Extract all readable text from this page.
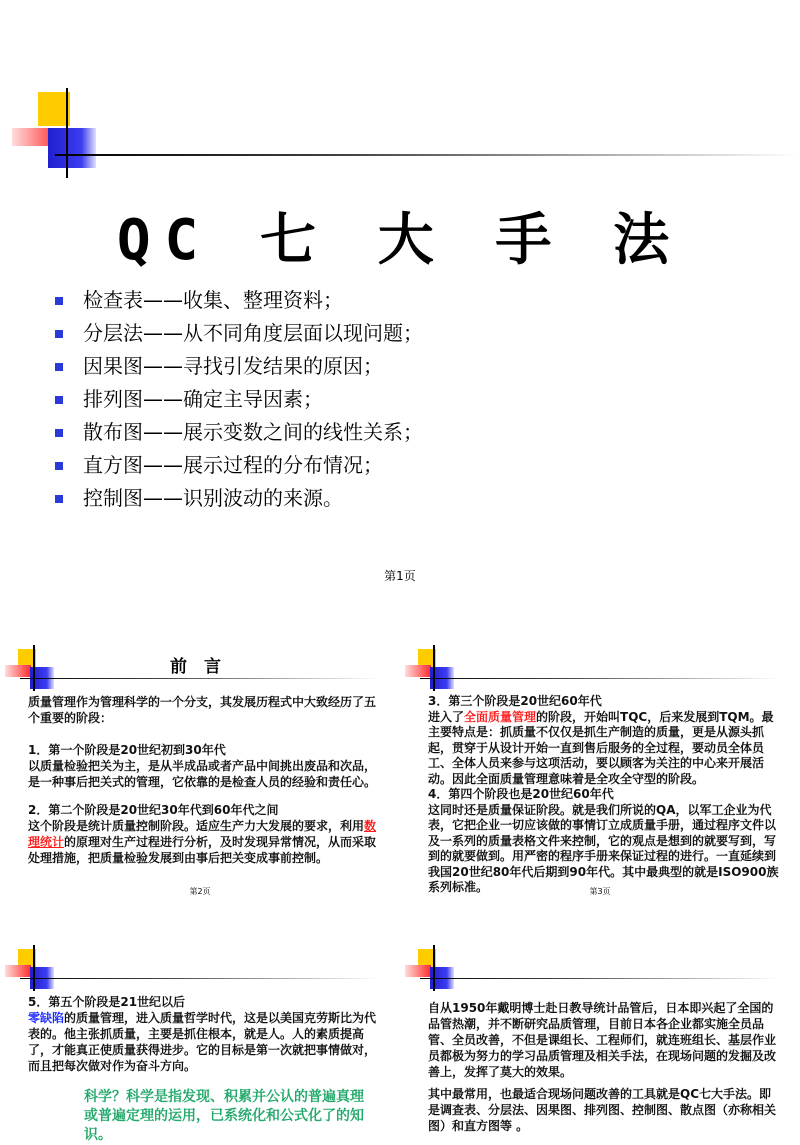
QC 七 大 手 法
检查表——收集、整理资料；
分层法——从不同角度层面以现问题；
因果图——寻找引发结果的原因；
排列图——确定主导因素；
散布图——展示变数之间的线性关系；
直方图——展示过程的分布情况；
控制图——识别波动的来源。
第1页
前　言

质量管理作为管理科学的一个分支，其发展历程式中大致经历了五个重要的阶段：

1．第一个阶段是20世纪初到30年代

以质量检验把关为主，是从半成品或者产品中间挑出废品和次品，是一种事后把关式的管理，它依靠的是检查人员的经验和责任心。

2．第二个阶段是20世纪30年代到60年代之间

这个阶段是统计质量控制阶段。适应生产力大发展的要求，利用数理统计的原理对生产过程进行分析，及时发现异常情况，从而采取处理措施，把质量检验发展到由事后把关变成事前控制。

第2页

3．第三个阶段是20世纪60年代

进入了全面质量管理的阶段，开始叫TQC，后来发展到TQM。最主要特点是：抓质量不仅仅是抓生产制造的质量，更是从源头抓起，贯穿于从设计开始一直到售后服务的全过程，要动员全体员工、全体人员来参与这项活动，要以顾客为关注的中心来开展活动。因此全面质量管理意味着是全攻全守型的阶段。

4．第四个阶段也是20世纪60年代

这同时还是质量保证阶段。就是我们所说的QA，以军工企业为代表，它把企业一切应该做的事情订立成质量手册，通过程序文件以及一系列的质量表格文件来控制，它的观点是想到的就要写到，写到的就要做到。用严密的程序手册来保证过程的进行。一直延续到我国20世纪80年代后期到90年代。其中最典型的就是ISO900族系列标准。	第3页

5．第五个阶段是21世纪以后

零缺陷的质量管理，进入质量哲学时代，这是以美国克劳斯比为代表的。他主张抓质量，主要是抓住根本，就是人。人的素质提高了，才能真正使质量获得进步。它的目标是第一次就把事情做对，而且把每次做对作为奋斗方向。

科学？科学是指发现、积累并公认的普遍真理或普遍定理的运用，已系统化和公式化了的知识。

自从1950年戴明博士赴日教导统计品管后，日本即兴起了全国的品管热潮，并不断研究品质管理，目前日本各企业都实施全员品管、全员改善，不但是课组长、工程师们，就连班组长、基层作业员都极为努力的学习品质管理及相关手法，在现场问题的发掘及改善上，发挥了莫大的效果。

其中最常用，也最适合现场问题改善的工具就是QC七大手法。即是调查表、分层法、因果图、排列图、控制图、散点图（亦称相关图）和直方图等 。
